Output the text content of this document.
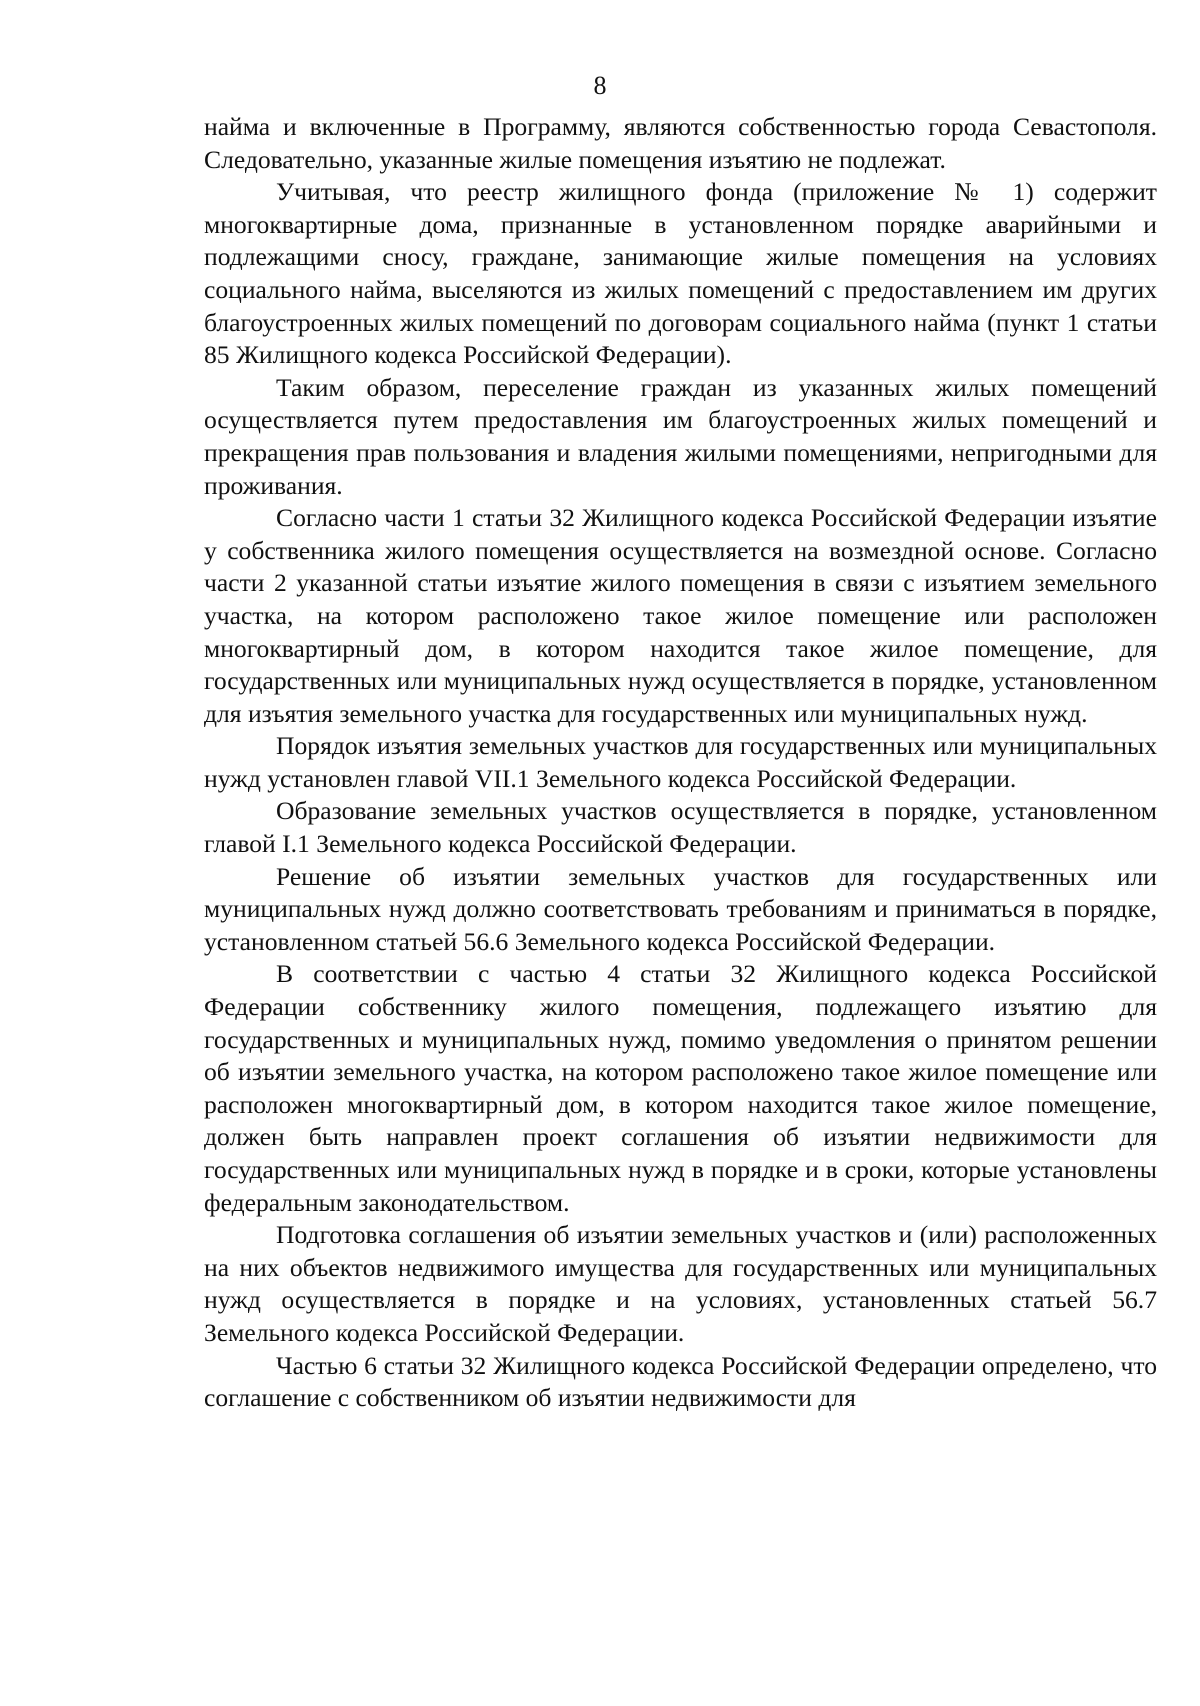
8

найма и включенные в Программу, являются собственностью города Севастополя. Следовательно, указанные жилые помещения изъятию не подлежат.

Учитывая, что реестр жилищного фонда (приложение № 1) содержит многоквартирные дома, признанные в установленном порядке аварийными и подлежащими сносу, граждане, занимающие жилые помещения на условиях социального найма, выселяются из жилых помещений с предоставлением им других благоустроенных жилых помещений по договорам социального найма (пункт 1 статьи 85 Жилищного кодекса Российской Федерации).

Таким образом, переселение граждан из указанных жилых помещений осуществляется путем предоставления им благоустроенных жилых помещений и прекращения прав пользования и владения жилыми помещениями, непригодными для проживания.

Согласно части 1 статьи 32 Жилищного кодекса Российской Федерации изъятие у собственника жилого помещения осуществляется на возмездной основе. Согласно части 2 указанной статьи изъятие жилого помещения в связи с изъятием земельного участка, на котором расположено такое жилое помещение или расположен многоквартирный дом, в котором находится такое жилое помещение, для государственных или муниципальных нужд осуществляется в порядке, установленном для изъятия земельного участка для государственных или муниципальных нужд.

Порядок изъятия земельных участков для государственных или муниципальных нужд установлен главой VII.1 Земельного кодекса Российской Федерации.

Образование земельных участков осуществляется в порядке, установленном главой I.1 Земельного кодекса Российской Федерации.

Решение об изъятии земельных участков для государственных или муниципальных нужд должно соответствовать требованиям и приниматься в порядке, установленном статьей 56.6 Земельного кодекса Российской Федерации.

В соответствии с частью 4 статьи 32 Жилищного кодекса Российской Федерации собственнику жилого помещения, подлежащего изъятию для государственных и муниципальных нужд, помимо уведомления о принятом решении об изъятии земельного участка, на котором расположено такое жилое помещение или расположен многоквартирный дом, в котором находится такое жилое помещение, должен быть направлен проект соглашения об изъятии недвижимости для государственных или муниципальных нужд в порядке и в сроки, которые установлены федеральным законодательством.

Подготовка соглашения об изъятии земельных участков и (или) расположенных на них объектов недвижимого имущества для государственных или муниципальных нужд осуществляется в порядке и на условиях, установленных статьей 56.7 Земельного кодекса Российской Федерации.

Частью 6 статьи 32 Жилищного кодекса Российской Федерации определено, что соглашение с собственником об изъятии недвижимости для
